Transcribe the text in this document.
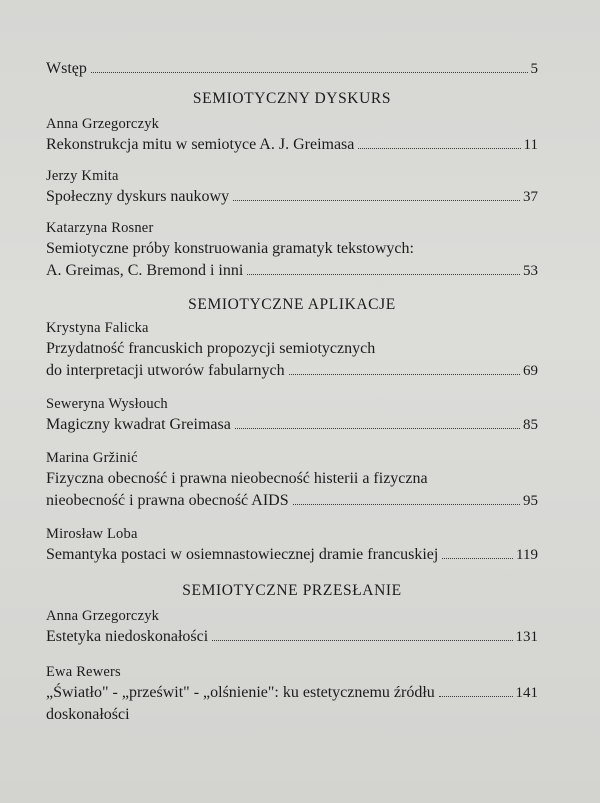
Wstęp	5
SEMIOTYCZNY DYSKURS
Anna Grzegorczyk
Rekonstrukcja mitu w semiotyce A. J. Greimasa	11
Jerzy Kmita
Społeczny dyskurs naukowy	37
Katarzyna Rosner
Semiotyczne próby konstruowania gramatyk tekstowych:
A. Greimas, C. Bremond i inni	53
SEMIOTYCZNE APLIKACJE
Krystyna Falicka
Przydatność francuskich propozycji semiotycznych
do interpretacji utworów fabularnych	69
Seweryna Wysłouch
Magiczny kwadrat Greimasa	85
Marina Gržinić
Fizyczna obecność i prawna nieobecność histerii a fizyczna
nieobecność i prawna obecność AIDS	95
Mirosław Loba
Semantyka postaci w osiemnastowiecznej dramie francuskiej	119
SEMIOTYCZNE PRZESŁANIE
Anna Grzegorczyk
Estetyka niedoskonałości	131
Ewa Rewers
„Światło" - „prześwit" - „olśnienie": ku estetycznemu źródłu	141
doskonałości
